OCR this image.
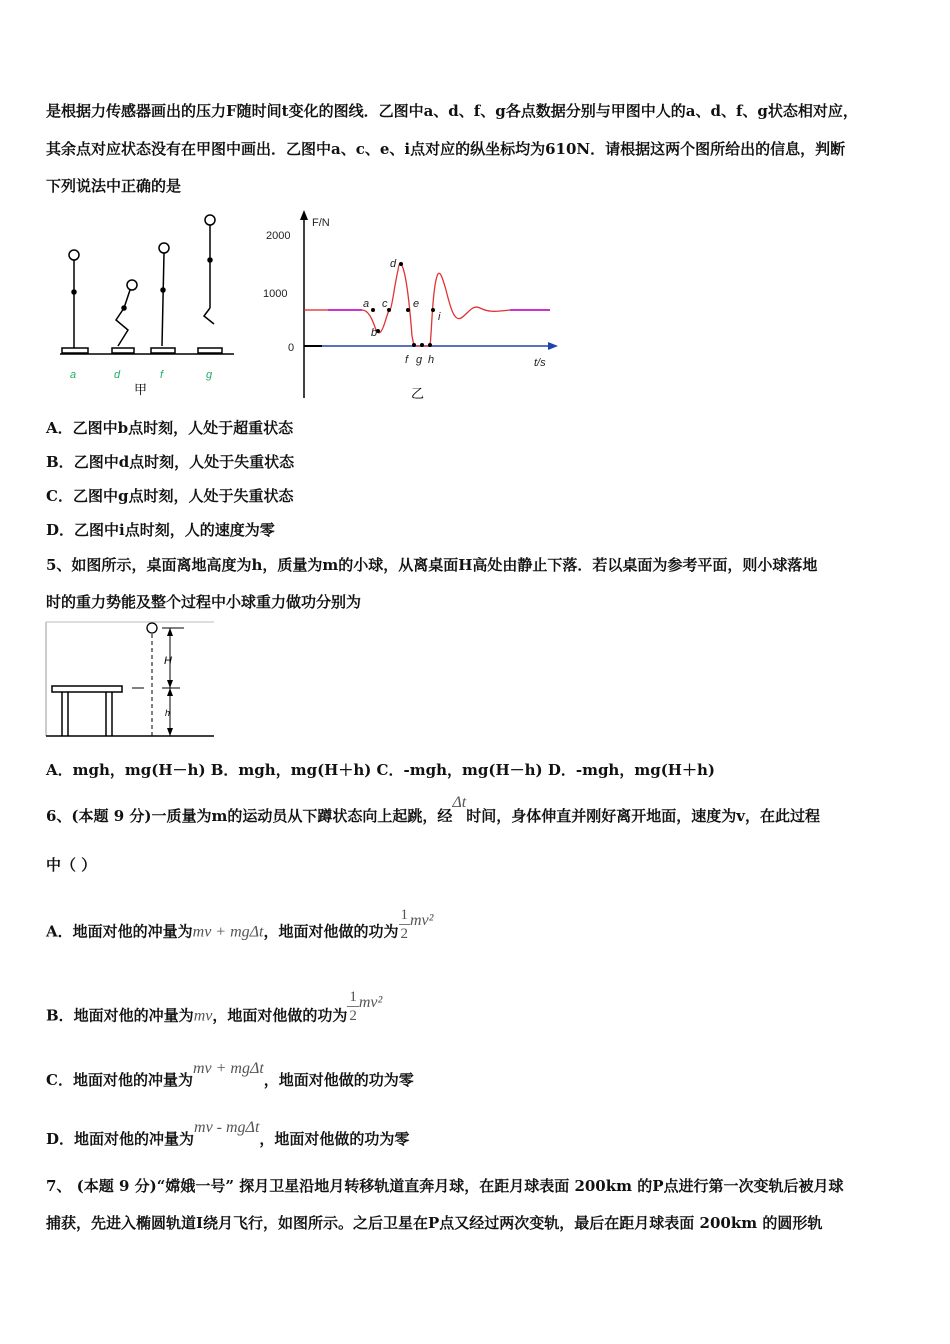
是根据力传感器画出的压力F随时间t变化的图线．乙图中a、d、f、g各点数据分别与甲图中人的a、d、f、g状态相对应，
其余点对应状态没有在甲图中画出．乙图中a、c、e、i点对应的纵坐标均为610N．请根据这两个图所给出的信息，判断
下列说法中正确的是
a	d	f	g
甲
F/N
2000
1000
0
t/s
a
b
c
d
e
i
f g h
乙
A．乙图中b点时刻，人处于超重状态
B．乙图中d点时刻，人处于失重状态
C．乙图中g点时刻，人处于失重状态
D．乙图中i点时刻，人的速度为零
5、如图所示，桌面离地高度为h，质量为m的小球，从离桌面H高处由静止下落．若以桌面为参考平面，则小球落地
时的重力势能及整个过程中小球重力做功分别为
H
h
A．mgh，mg(H－h) B．mgh，mg(H＋h) C．-mgh，mg(H－h) D．-mgh，mg(H＋h)
6、(本题 9 分)一质量为m的运动员从下蹲状态向上起跳，经Δt时间，身体伸直并刚好离开地面，速度为v，在此过程
中（ ）
A．地面对他的冲量为mv + mgΔt，地面对他做的功为 $\frac{1}{2} mv^2$
B．地面对他的冲量为mv，地面对他做的功为 $\frac{1}{2} mv^2$
C．地面对他的冲量为mv + mgΔt，地面对他做的功为零
D．地面对他的冲量为mv - mgΔt，地面对他做的功为零
7、 (本题 9 分)“嫦娥一号” 探月卫星沿地月转移轨道直奔月球，在距月球表面 200km 的P点进行第一次变轨后被月球
捕获，先进入椭圆轨道Ⅰ绕月飞行，如图所示。之后卫星在P点又经过两次变轨，最后在距月球表面 200km 的圆形轨
